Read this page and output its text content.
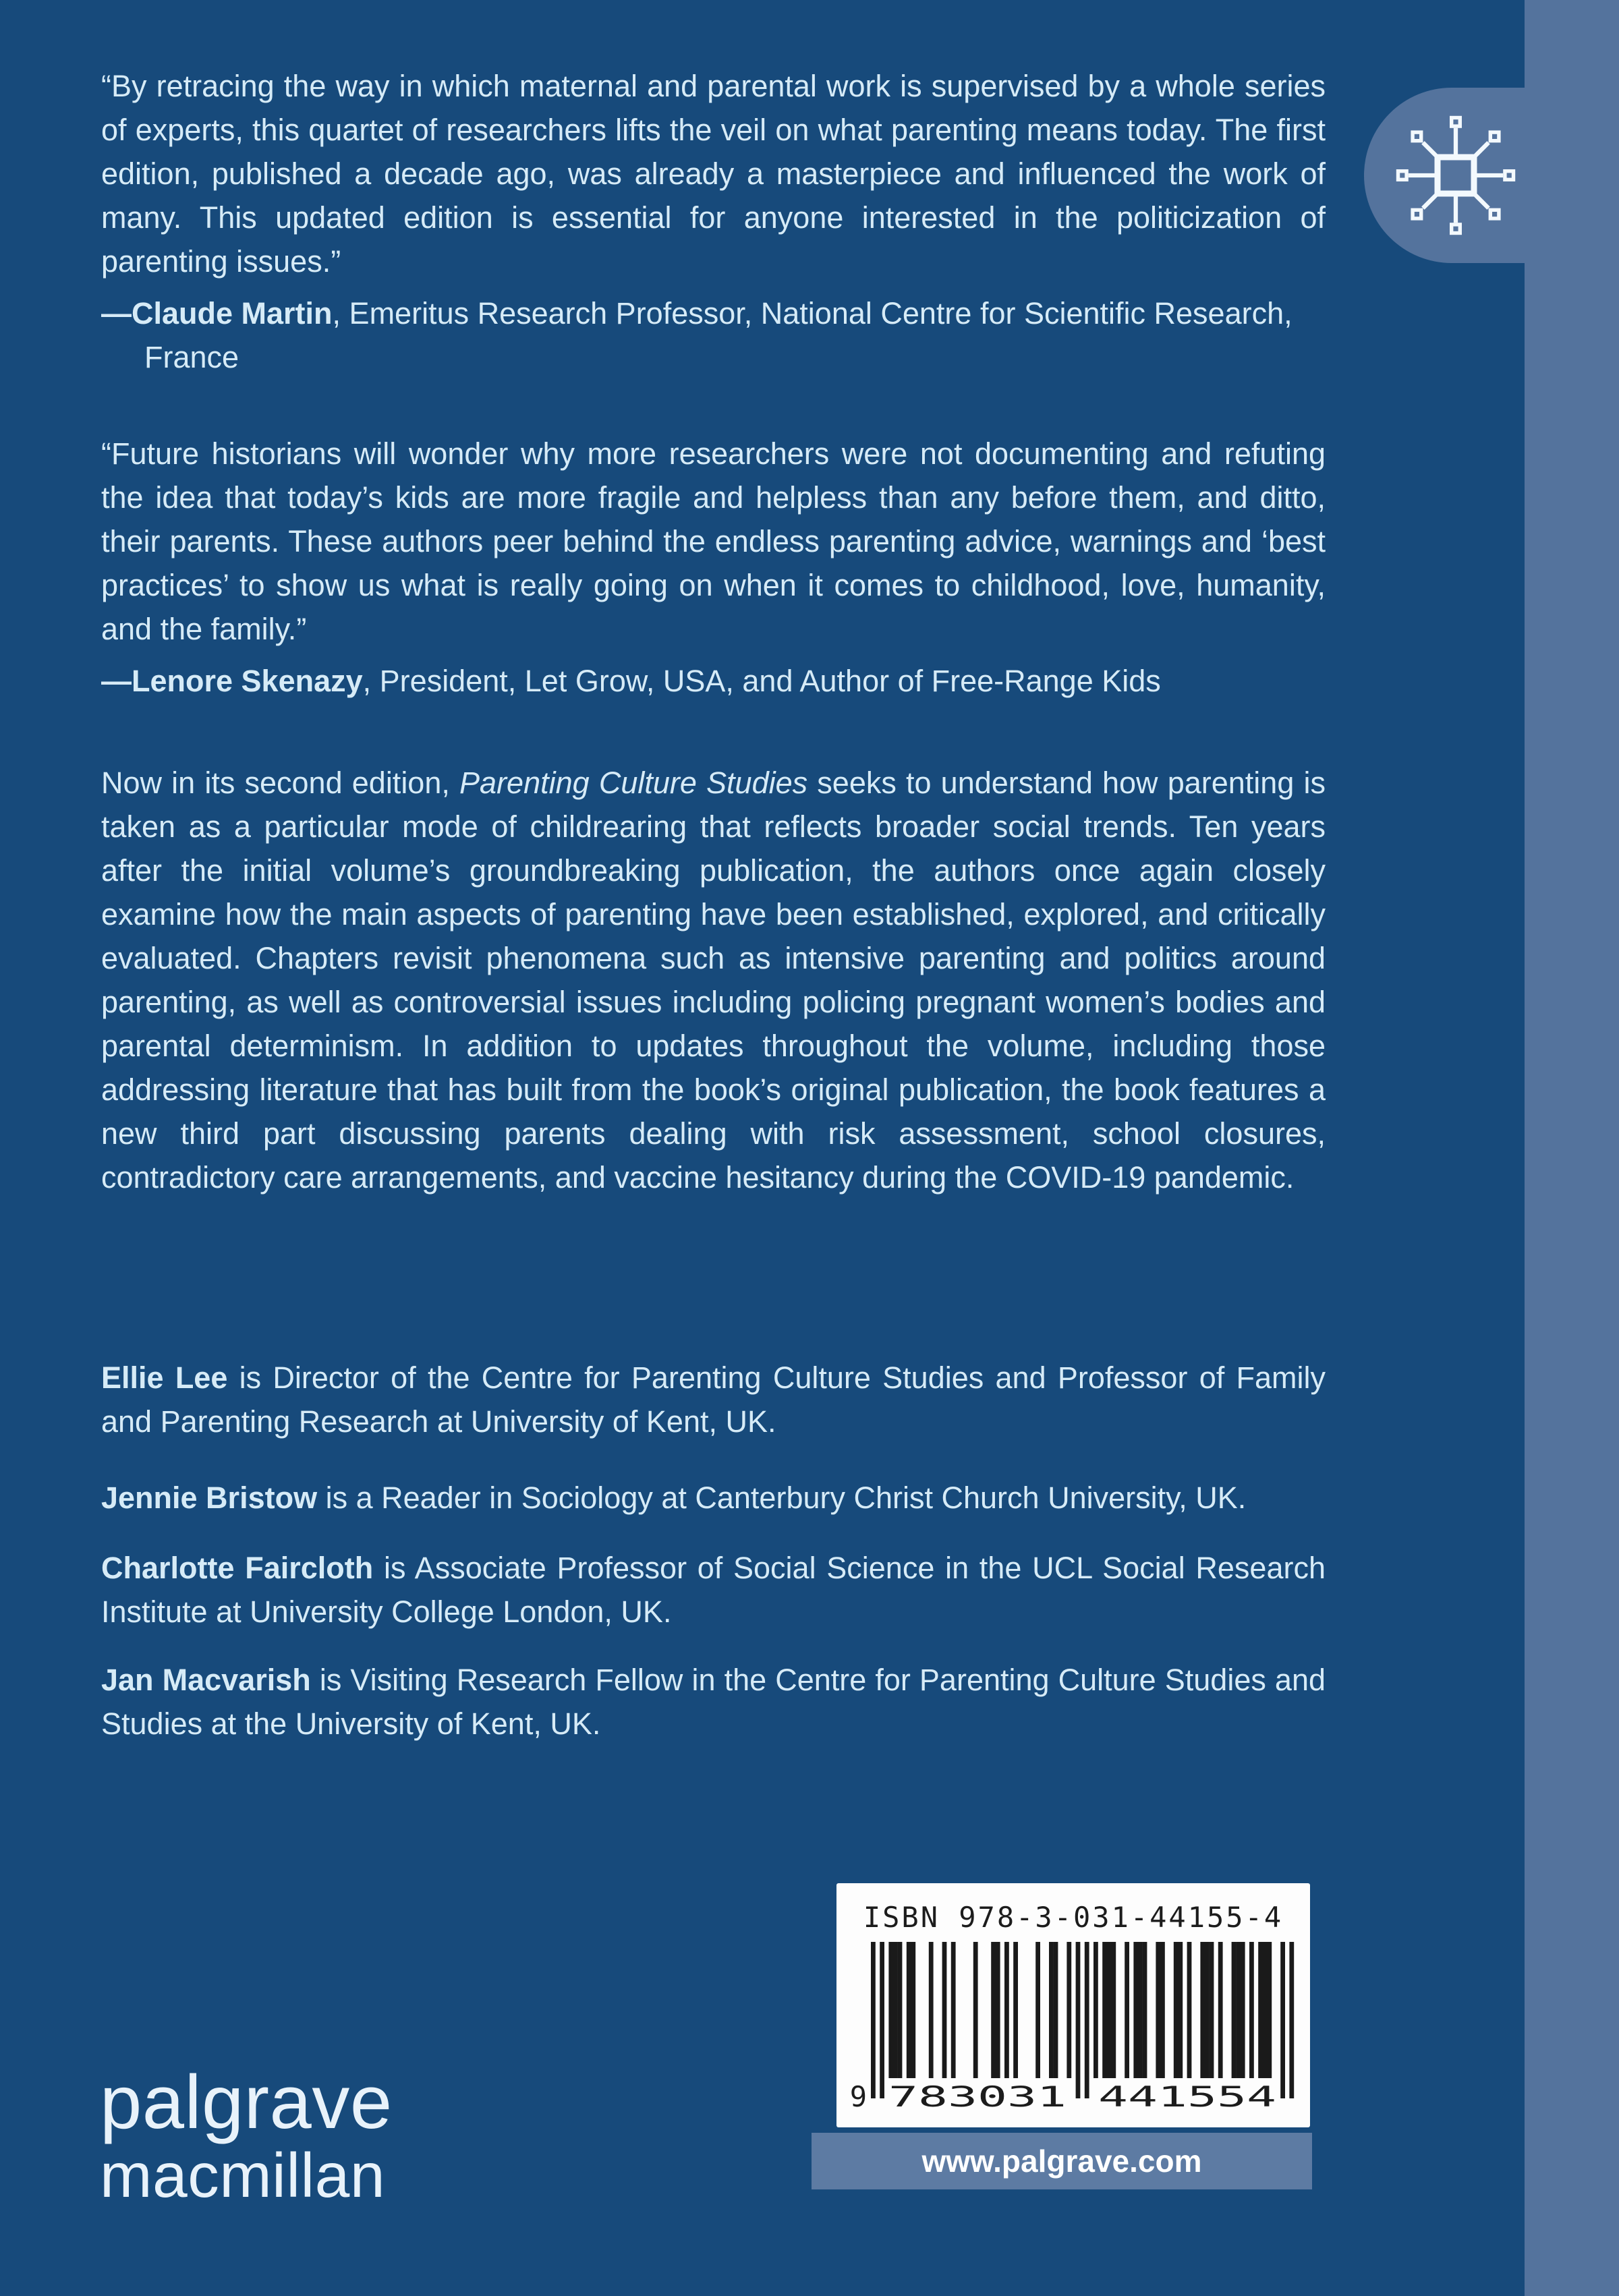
“By retracing the way in which maternal and parental work is supervised by a whole series of experts, this quartet of researchers lifts the veil on what parenting means today. The first edition, published a decade ago, was already a masterpiece and influenced the work of many. This updated edition is essential for anyone interested in the politicization of parenting issues.”

—Claude Martin, Emeritus Research Professor, National Centre for Scientific Research, France

“Future historians will wonder why more researchers were not documenting and refuting the idea that today’s kids are more fragile and helpless than any before them, and ditto, their parents. These authors peer behind the endless parenting advice, warnings and ‘best practices’ to show us what is really going on when it comes to childhood, love, humanity, and the family.”

—Lenore Skenazy, President, Let Grow, USA, and Author of Free-Range Kids

Now in its second edition, Parenting Culture Studies seeks to understand how parenting is taken as a particular mode of childrearing that reflects broader social trends. Ten years after the initial volume’s groundbreaking publication, the authors once again closely examine how the main aspects of parenting have been established, explored, and critically evaluated. Chapters revisit phenomena such as intensive parenting and politics around parenting, as well as controversial issues including policing pregnant women’s bodies and parental determinism. In addition to updates throughout the volume, including those addressing literature that has built from the book’s original publication, the book features a new third part discussing parents dealing with risk assessment, school closures, contradictory care arrangements, and vaccine hesitancy during the COVID-19 pandemic.

Ellie Lee is Director of the Centre for Parenting Culture Studies and Professor of Family and Parenting Research at University of Kent, UK.

Jennie Bristow is a Reader in Sociology at Canterbury Christ Church University, UK.

Charlotte Faircloth is Associate Professor of Social Science in the UCL Social Research Institute at University College London, UK.

Jan Macvarish is Visiting Research Fellow in the Centre for Parenting Culture Studies and Studies at the University of Kent, UK.

ISBN 978-3-031-44155-4
9 783031 441554
www.palgrave.com
palgrave
macmillan
